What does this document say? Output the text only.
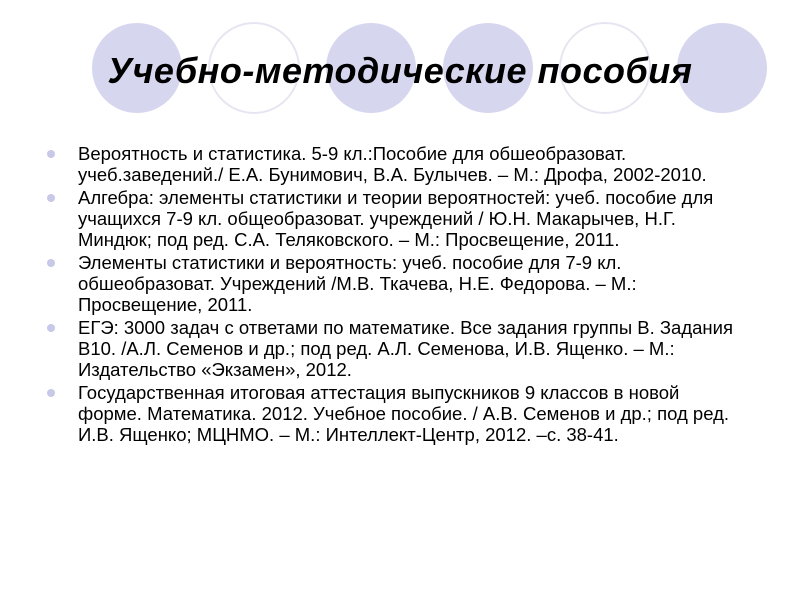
Учебно-методические пособия
Вероятность и статистика. 5-9 кл.:Пособие для обшеобразоват. учеб.заведений./ Е.А. Бунимович, В.А. Булычев. – М.: Дрофа, 2002-2010.
Алгебра: элементы статистики и теории вероятностей: учеб. пособие для учащихся 7-9 кл. общеобразоват. учреждений / Ю.Н. Макарычев, Н.Г. Миндюк; под ред. С.А. Теляковского. – М.: Просвещение, 2011.
Элементы статистики и вероятность: учеб. пособие для 7-9 кл. обшеобразоват. Учреждений /М.В. Ткачева, Н.Е. Федорова. – М.: Просвещение, 2011.
ЕГЭ: 3000 задач с ответами по математике. Все задания группы В. Задания В10. /А.Л. Семенов и др.; под ред. А.Л. Семенова, И.В. Ященко. – М.: Издательство «Экзамен», 2012.
Государственная итоговая аттестация выпускников 9 классов в новой форме. Математика. 2012. Учебное пособие. / А.В. Семенов и др.; под ред. И.В. Ященко; МЦНМО. – М.: Интеллект-Центр, 2012. –с. 38-41.
